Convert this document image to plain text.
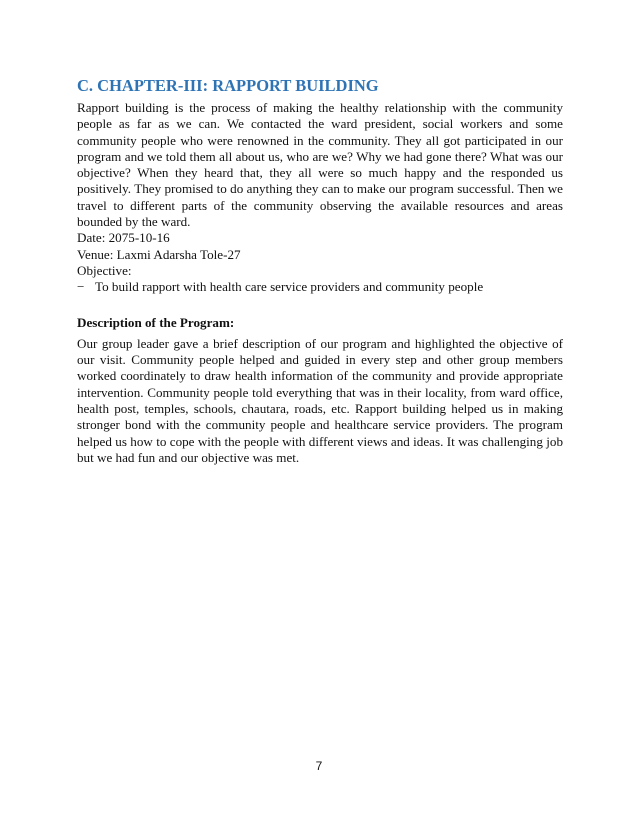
C. CHAPTER-III: RAPPORT BUILDING

Rapport building is the process of making the healthy relationship with the community people as far as we can. We contacted the ward president, social workers and some community people who were renowned in the community. They all got participated in our program and we told them all about us, who are we? Why we had gone there? What was our objective? When they heard that, they all were so much happy and the responded us positively. They promised to do anything they can to make our program successful. Then we travel to different parts of the community observing the available resources and areas bounded by the ward.

Date: 2075-10-16

Venue: Laxmi Adarsha Tole-27

Objective:

− To build rapport with health care service providers and community people

Description of the Program:

Our group leader gave a brief description of our program and highlighted the objective of our visit. Community people helped and guided in every step and other group members worked coordinately to draw health information of the community and provide appropriate intervention. Community people told everything that was in their locality, from ward office, health post, temples, schools, chautara, roads, etc. Rapport building helped us in making stronger bond with the community people and healthcare service providers. The program helped us how to cope with the people with different views and ideas. It was challenging job but we had fun and our objective was met.

7
